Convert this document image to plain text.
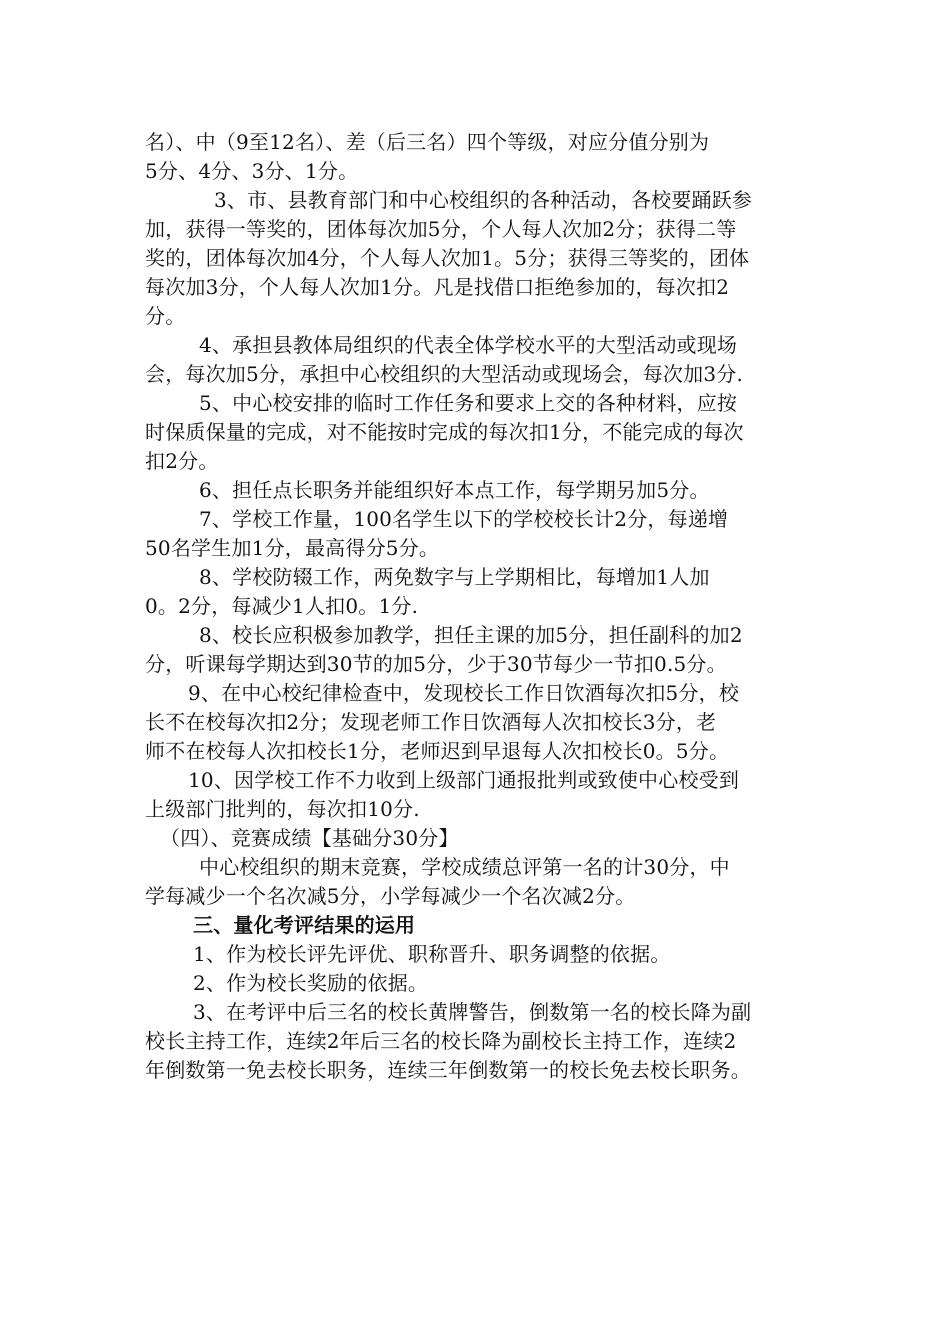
名）、中（9至12名）、差（后三名）四个等级，对应分值分别为
5分、4分、3分、1分。
3、市、县教育部门和中心校组织的各种活动，各校要踊跃参
加，获得一等奖的，团体每次加5分，个人每人次加2分；获得二等
奖的，团体每次加4分，个人每人次加1。5分；获得三等奖的，团体
每次加3分，个人每人次加1分。凡是找借口拒绝参加的，每次扣2
分。
4、承担县教体局组织的代表全体学校水平的大型活动或现场
会，每次加5分，承担中心校组织的大型活动或现场会，每次加3分.
5、中心校安排的临时工作任务和要求上交的各种材料，应按
时保质保量的完成，对不能按时完成的每次扣1分，不能完成的每次
扣2分。
6、担任点长职务并能组织好本点工作，每学期另加5分。
7、学校工作量，100名学生以下的学校校长计2分，每递增
50名学生加1分，最高得分5分。
8、学校防辍工作，两免数字与上学期相比，每增加1人加
0。2分，每减少1人扣0。1分.
8、校长应积极参加教学，担任主课的加5分，担任副科的加2
分，听课每学期达到30节的加5分，少于30节每少一节扣0.5分。
9、在中心校纪律检查中，发现校长工作日饮酒每次扣5分，校
长不在校每次扣2分；发现老师工作日饮酒每人次扣校长3分，老
师不在校每人次扣校长1分，老师迟到早退每人次扣校长0。5分。
10、因学校工作不力收到上级部门通报批判或致使中心校受到
上级部门批判的，每次扣10分.
（四）、竞赛成绩【基础分30分】
中心校组织的期末竞赛，学校成绩总评第一名的计30分，中
学每减少一个名次减5分，小学每减少一个名次减2分。
三、量化考评结果的运用
1、作为校长评先评优、职称晋升、职务调整的依据。
2、作为校长奖励的依据。
3、在考评中后三名的校长黄牌警告，倒数第一名的校长降为副
校长主持工作，连续2年后三名的校长降为副校长主持工作，连续2
年倒数第一免去校长职务，连续三年倒数第一的校长免去校长职务。
